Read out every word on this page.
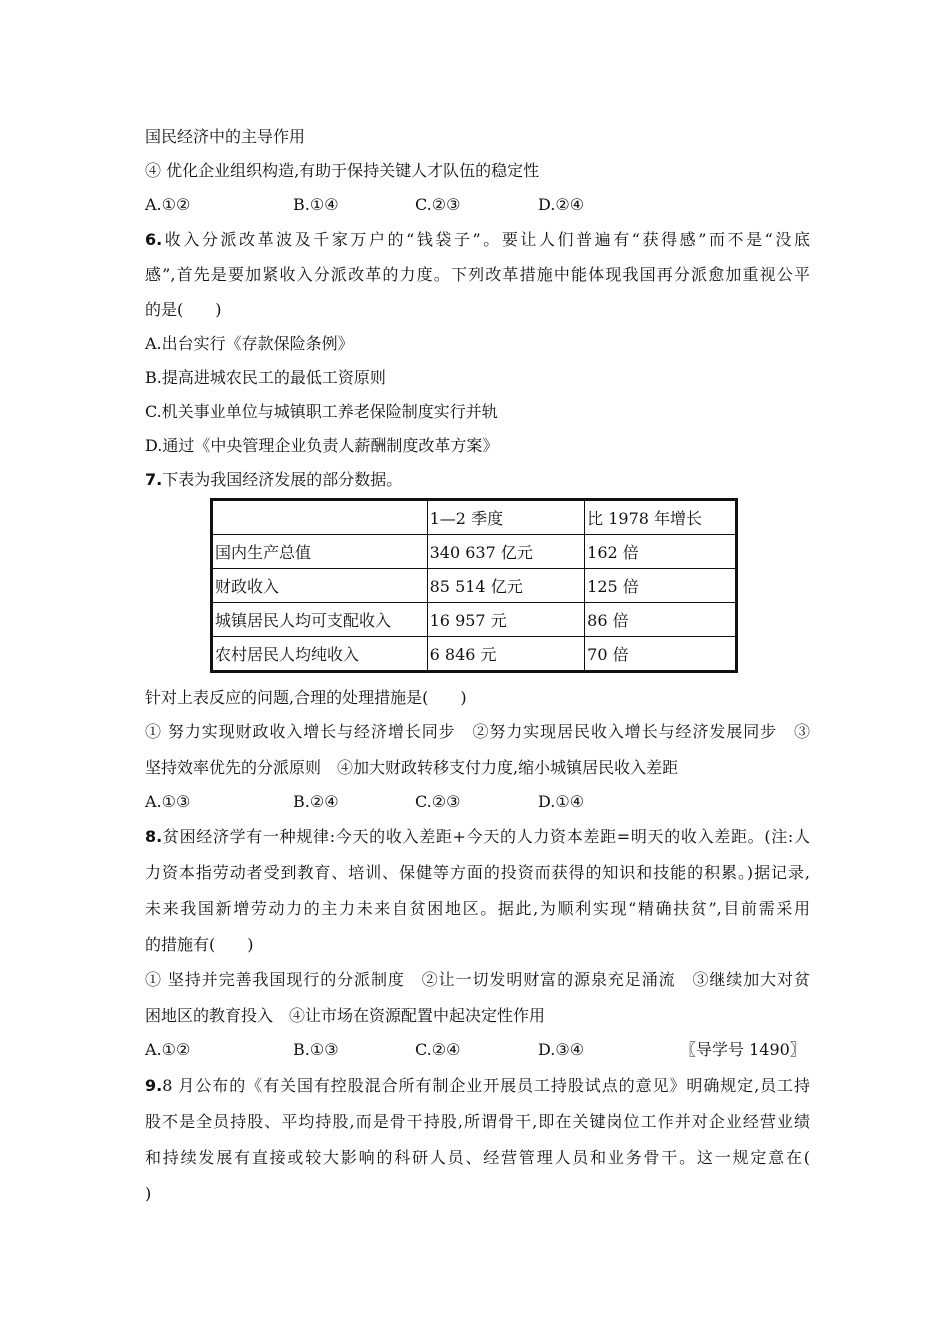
国民经济中的主导作用
④ 优化企业组织构造,有助于保持关键人才队伍的稳定性
A.①②	B.①④	C.②③	D.②④
6.收入分派改革波及千家万户的“钱袋子”。要让人们普遍有“获得感”而不是“没底
感”,首先是要加紧收入分派改革的力度。下列改革措施中能体现我国再分派愈加重视公平
的是(　　)
A.出台实行《存款保险条例》
B.提高进城农民工的最低工资原则
C.机关事业单位与城镇职工养老保险制度实行并轨
D.通过《中央管理企业负责人薪酬制度改革方案》
7.下表为我国经济发展的部分数据。
	1—2 季度	比 1978 年增长
国内生产总值	340 637 亿元	162 倍
财政收入	85 514 亿元	125 倍
城镇居民人均可支配收入	16 957 元	86 倍
农村居民人均纯收入	6 846 元	70 倍
针对上表反应的问题,合理的处理措施是(　　)
① 努力实现财政收入增长与经济增长同步　②努力实现居民收入增长与经济发展同步　③
坚持效率优先的分派原则　④加大财政转移支付力度,缩小城镇居民收入差距
A.①③	B.②④	C.②③	D.①④
8.贫困经济学有一种规律:今天的收入差距+今天的人力资本差距=明天的收入差距。(注:人
力资本指劳动者受到教育、培训、保健等方面的投资而获得的知识和技能的积累。)据记录,
未来我国新增劳动力的主力未来自贫困地区。据此,为顺利实现“精确扶贫”,目前需采用
的措施有(　　)
① 坚持并完善我国现行的分派制度　②让一切发明财富的源泉充足涌流　③继续加大对贫
困地区的教育投入　④让市场在资源配置中起决定性作用
A.①②	B.①③	C.②④	D.③④	〖导学号 1490〗
9.8 月公布的《有关国有控股混合所有制企业开展员工持股试点的意见》明确规定,员工持
股不是全员持股、平均持股,而是骨干持股,所谓骨干,即在关键岗位工作并对企业经营业绩
和持续发展有直接或较大影响的科研人员、经营管理人员和业务骨干。这一规定意在(
)
